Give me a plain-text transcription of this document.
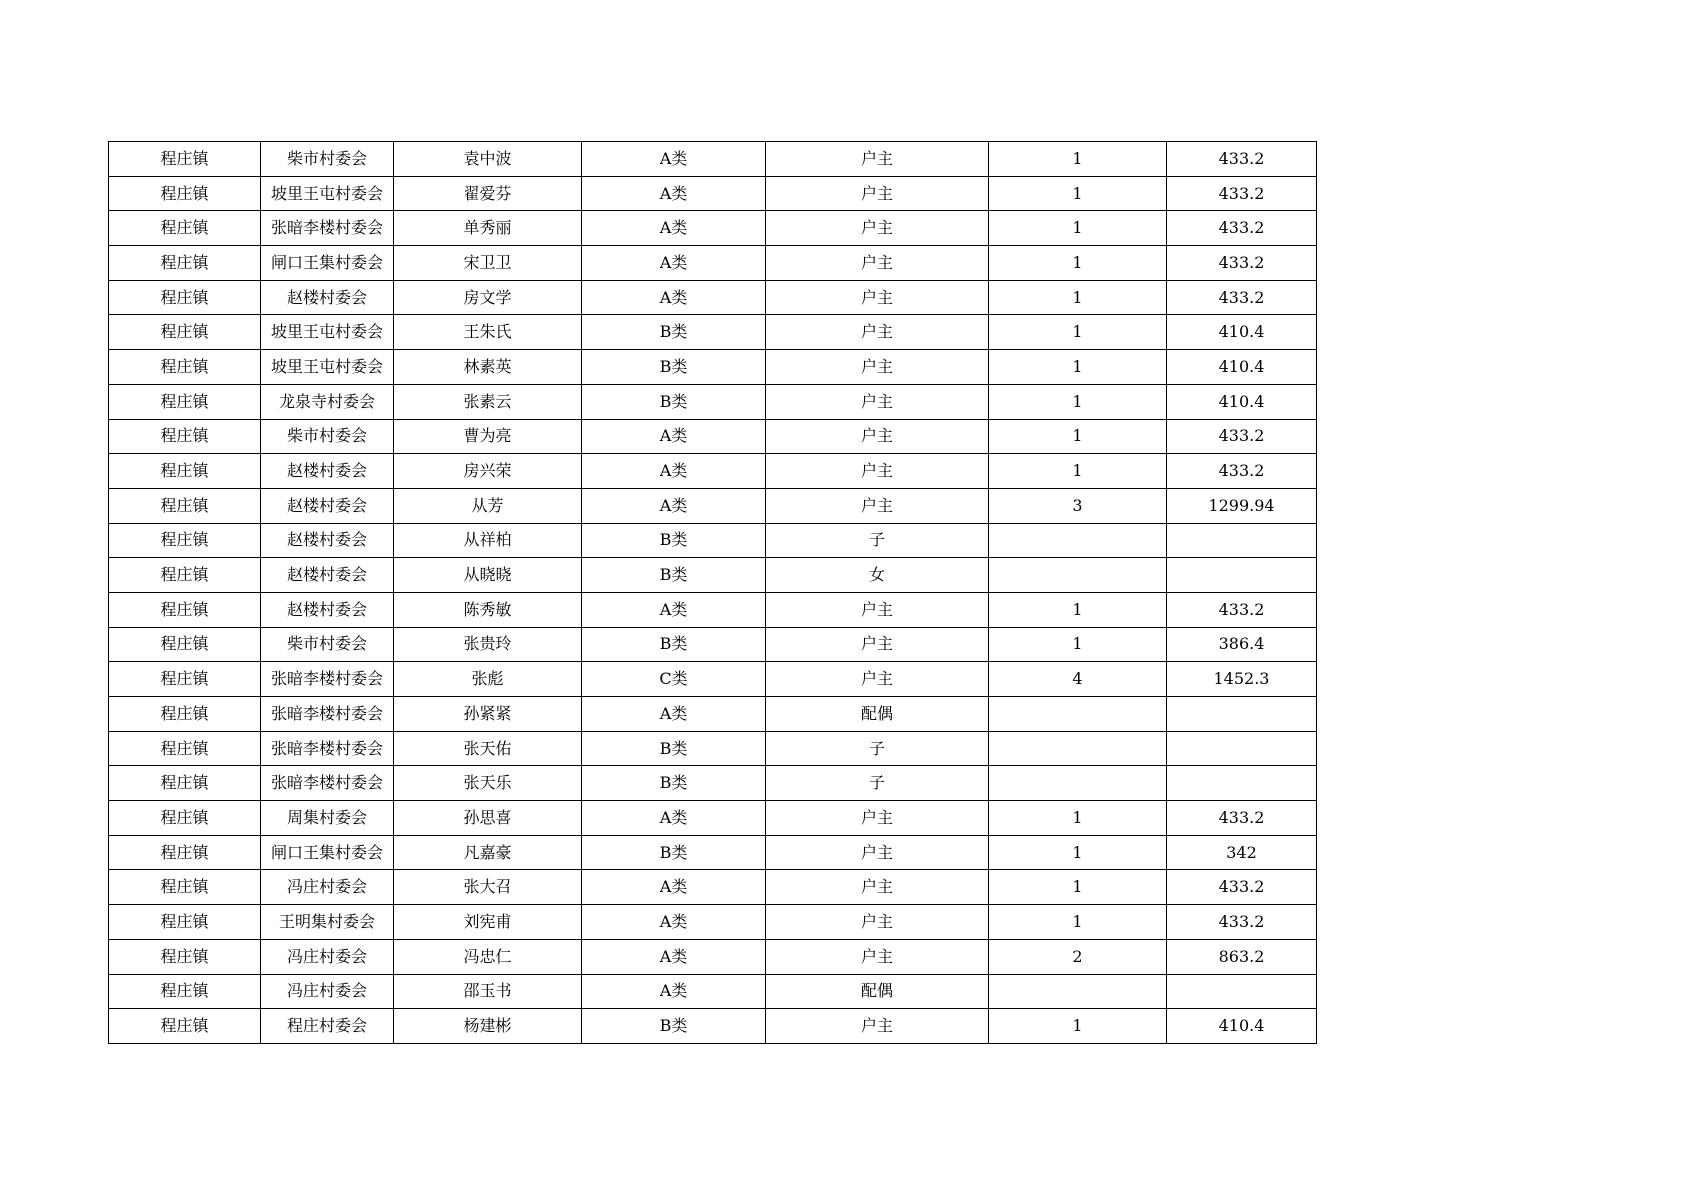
程庄镇	柴市村委会	袁中波	A类	户主	1	433.2
程庄镇	坡里王屯村委会	翟爱芬	A类	户主	1	433.2
程庄镇	张暗李楼村委会	单秀丽	A类	户主	1	433.2
程庄镇	闸口王集村委会	宋卫卫	A类	户主	1	433.2
程庄镇	赵楼村委会	房文学	A类	户主	1	433.2
程庄镇	坡里王屯村委会	王朱氏	B类	户主	1	410.4
程庄镇	坡里王屯村委会	林素英	B类	户主	1	410.4
程庄镇	龙泉寺村委会	张素云	B类	户主	1	410.4
程庄镇	柴市村委会	曹为亮	A类	户主	1	433.2
程庄镇	赵楼村委会	房兴荣	A类	户主	1	433.2
程庄镇	赵楼村委会	从芳	A类	户主	3	1299.94
程庄镇	赵楼村委会	从祥柏	B类	子		
程庄镇	赵楼村委会	从晓晓	B类	女		
程庄镇	赵楼村委会	陈秀敏	A类	户主	1	433.2
程庄镇	柴市村委会	张贵玲	B类	户主	1	386.4
程庄镇	张暗李楼村委会	张彪	C类	户主	4	1452.3
程庄镇	张暗李楼村委会	孙紧紧	A类	配偶		
程庄镇	张暗李楼村委会	张天佑	B类	子		
程庄镇	张暗李楼村委会	张天乐	B类	子		
程庄镇	周集村委会	孙思喜	A类	户主	1	433.2
程庄镇	闸口王集村委会	凡嘉豪	B类	户主	1	342
程庄镇	冯庄村委会	张大召	A类	户主	1	433.2
程庄镇	王明集村委会	刘宪甫	A类	户主	1	433.2
程庄镇	冯庄村委会	冯忠仁	A类	户主	2	863.2
程庄镇	冯庄村委会	邵玉书	A类	配偶		
程庄镇	程庄村委会	杨建彬	B类	户主	1	410.4
